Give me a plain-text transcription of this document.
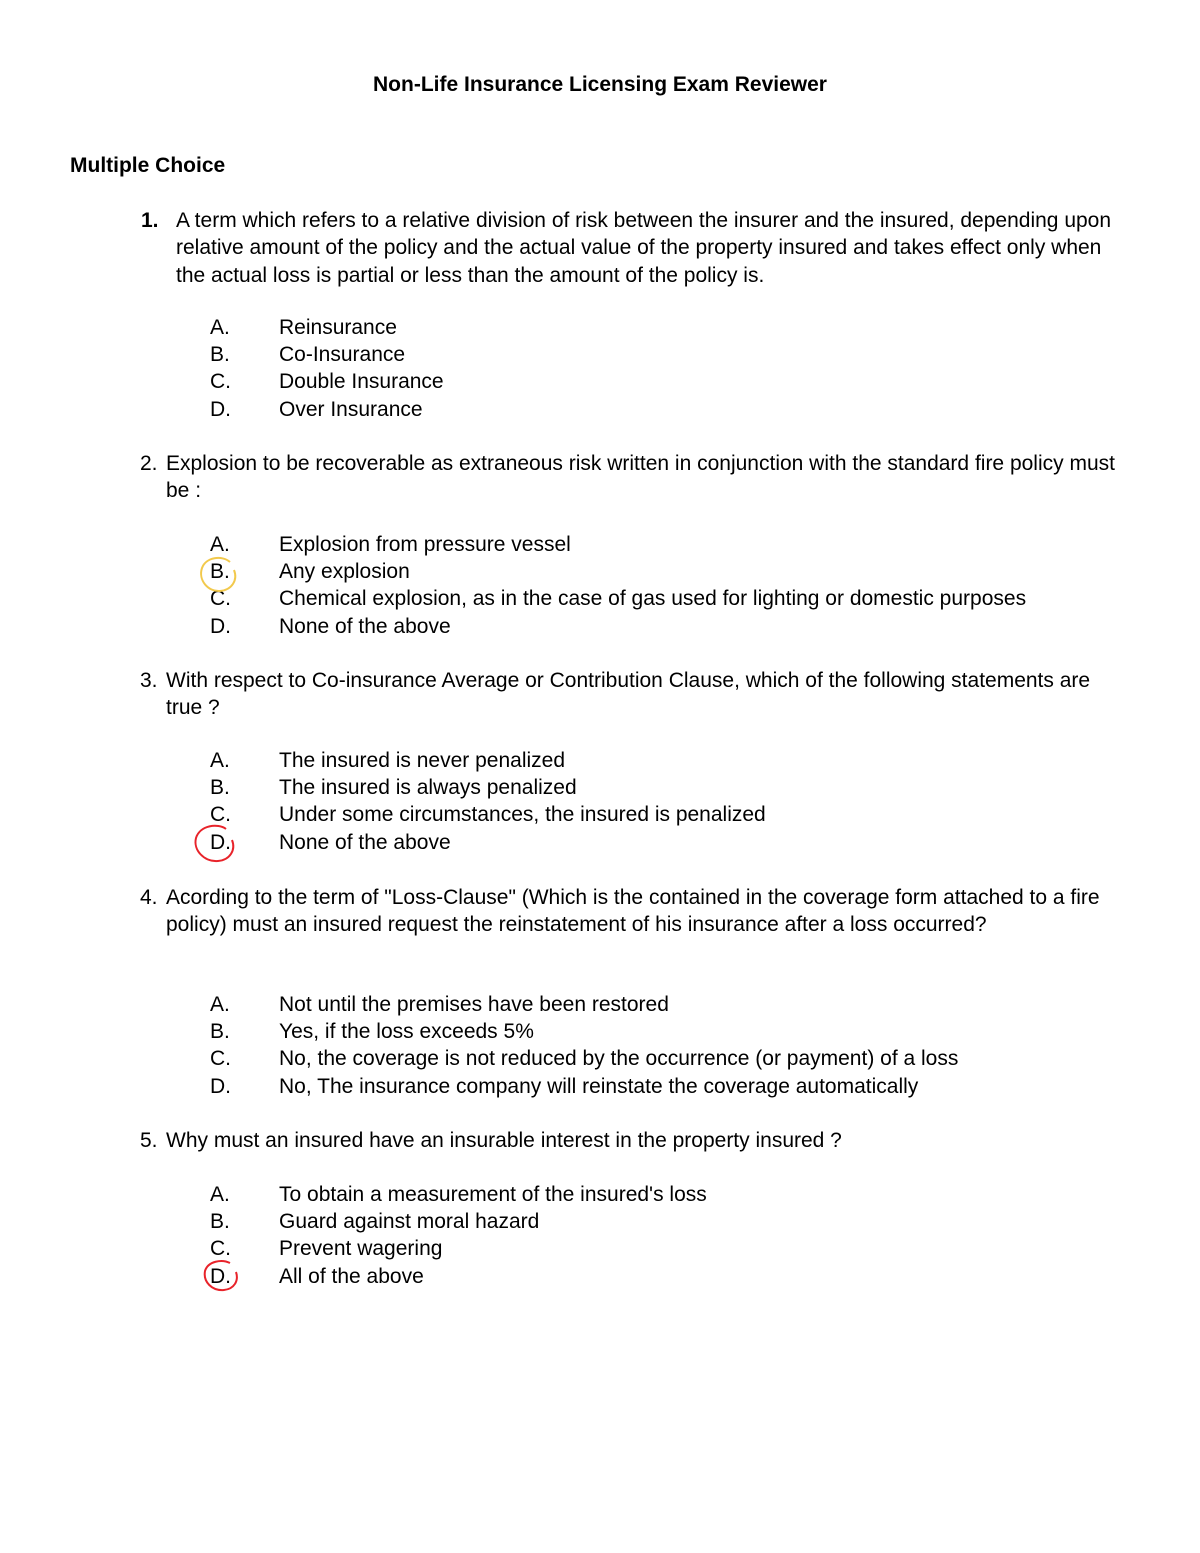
Non-Life Insurance Licensing Exam Reviewer
Multiple Choice
1. A term which refers to a relative division of risk between the insurer and the insured, depending upon relative amount of the policy and the actual value of the property insured and takes effect only when the actual loss is partial or less than the amount of the policy is.

A. Reinsurance
B. Co-Insurance
C. Double Insurance
D. Over Insurance
2. Explosion to be recoverable as extraneous risk written in conjunction with the standard fire policy must be :

A. Explosion from pressure vessel
B. Any explosion
C. Chemical explosion, as in the case of gas used for lighting or domestic purposes
D. None of the above
3. With respect to Co-insurance Average or Contribution Clause, which of the following statements are true ?

A. The insured is never penalized
B. The insured is always penalized
C. Under some circumstances, the insured is penalized
D. None of the above
4. Acording to the term of "Loss-Clause" (Which is the contained in the coverage form attached to a fire policy) must an insured request the reinstatement of his insurance after a loss occurred?

A. Not until the premises have been restored
B. Yes, if the loss exceeds 5%
C. No, the coverage is not reduced by the occurrence (or payment) of a loss
D. No, The insurance company will reinstate the coverage automatically
5. Why must an insured have an insurable interest in the property insured ?

A. To obtain a measurement of the insured's loss
B. Guard against moral hazard
C. Prevent wagering
D. All of the above
